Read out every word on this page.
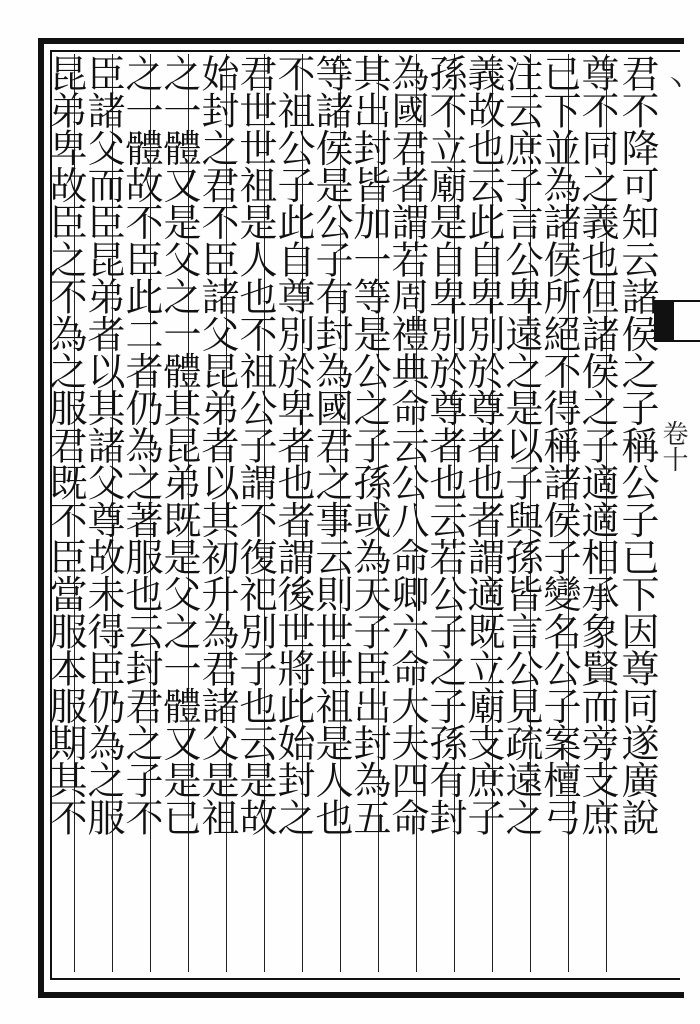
丶
卷十
君不降可知云諸侯之子稱公子已下因尊同遂廣說
尊不同之義也但諸侯之子適適相承象賢而旁支庶
已下並為諸侯所絕不得稱諸侯子變名公子案檀弓
注云庶子言公卑遠之是以子與孫皆言公見疏遠之
義故也云此自卑別於尊者也者謂適既立廟支庶子
孫不立廟是自卑別於尊者也云若公子之子孫有封
為國君者謂若周禮典命云公八命卿六命大夫四命
其出封皆加一等是公之子孫或為天子臣出封為五
等諸侯是公子有封為國君之事云則世世祖是人也
不祖公子此自尊別於卑者也者謂後世將此始封之
君世世祖是人也不祖公子謂不復祀別子也云是故
始封之君不臣諸父昆弟者以其初升為君諸父是祖
之一體又是父之一體其昆弟既是父之一體又是已
之一體故不臣此二者仍為之著服也云封君之子不
臣諸父而臣昆弟者以其諸父尊故未得臣仍為之服
昆弟卑故臣之不為之服君既不臣當服本服期其不
